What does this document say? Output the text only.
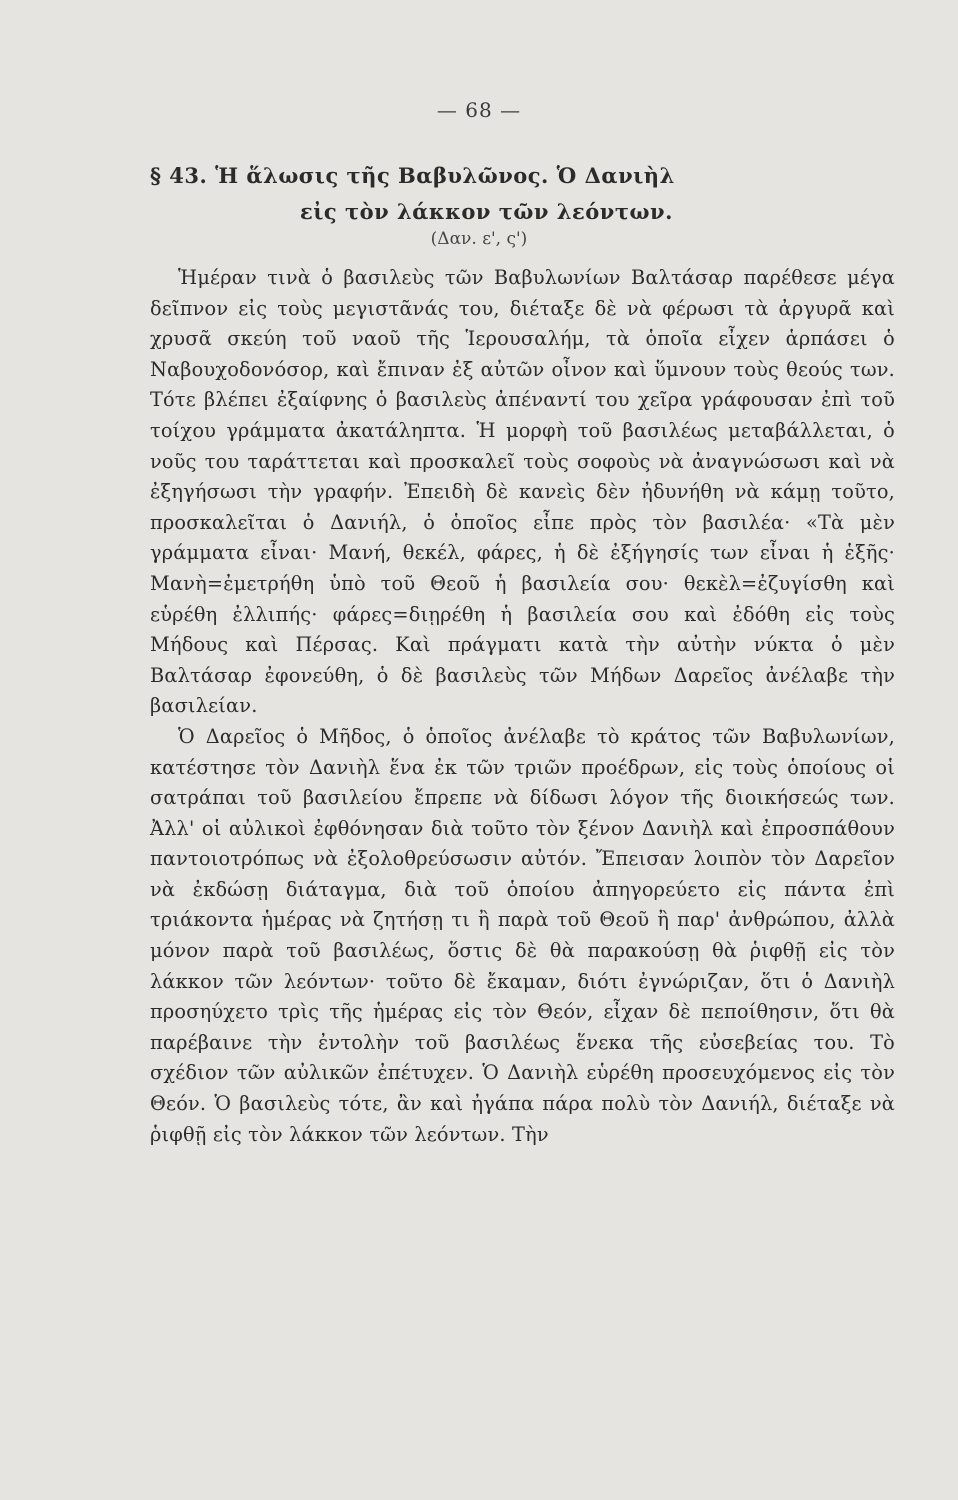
— 68 —
§ 43. Ἡ ἅλωσις τῆς Βαβυλῶνος. Ὁ Δανιὴλ
εἰς τὸν λάκκον τῶν λεόντων.
(Δαν. ε', ς')

Ἡμέραν τινὰ ὁ βασιλεὺς τῶν Βαβυλωνίων Βαλτάσαρ παρέθεσε μέγα δεῖπνον εἰς τοὺς μεγιστᾶνάς του, διέταξε δὲ νὰ φέρωσι τὰ ἀργυρᾶ καὶ χρυσᾶ σκεύη τοῦ ναοῦ τῆς Ἱερουσαλήμ, τὰ ὁποῖα εἶχεν ἁρπάσει ὁ Ναβουχοδονόσορ, καὶ ἔπιναν ἐξ αὐτῶν οἶνον καὶ ὕμνουν τοὺς θεούς των. Τότε βλέπει ἐξαίφνης ὁ βασιλεὺς ἀπέναντί του χεῖρα γράφουσαν ἐπὶ τοῦ τοίχου γράμματα ἀκατάληπτα. Ἡ μορφὴ τοῦ βασιλέως μεταβάλλεται, ὁ νοῦς του ταράττεται καὶ προσκαλεῖ τοὺς σοφοὺς νὰ ἀναγνώσωσι καὶ νὰ ἐξηγήσωσι τὴν γραφήν. Ἐπειδὴ δὲ κανεὶς δὲν ἠδυνήθη νὰ κάμῃ τοῦτο, προσκαλεῖται ὁ Δανιήλ, ὁ ὁποῖος εἶπε πρὸς τὸν βασιλέα· «Τὰ μὲν γράμματα εἶναι· Μανή, θεκέλ, φάρες, ἡ δὲ ἐξήγησίς των εἶναι ἡ ἑξῆς· Μανὴ=ἐμετρήθη ὑπὸ τοῦ Θεοῦ ἡ βασιλεία σου· θεκὲλ=ἐζυγίσθη καὶ εὑρέθη ἐλλιπής· φάρες=διῃρέθη ἡ βασιλεία σου καὶ ἐδόθη εἰς τοὺς Μήδους καὶ Πέρσας. Καὶ πράγματι κατὰ τὴν αὐτὴν νύκτα ὁ μὲν Βαλτάσαρ ἐφονεύθη, ὁ δὲ βασιλεὺς τῶν Μήδων Δαρεῖος ἀνέλαβε τὴν βασιλείαν.

Ὁ Δαρεῖος ὁ Μῆδος, ὁ ὁποῖος ἀνέλαβε τὸ κράτος τῶν Βαβυλωνίων, κατέστησε τὸν Δανιὴλ ἕνα ἐκ τῶν τριῶν προέδρων, εἰς τοὺς ὁποίους οἱ σατράπαι τοῦ βασιλείου ἔπρεπε νὰ δίδωσι λόγον τῆς διοικήσεώς των. Ἀλλ' οἱ αὐλικοὶ ἐφθόνησαν διὰ τοῦτο τὸν ξένον Δανιὴλ καὶ ἐπροσπάθουν παντοιοτρόπως νὰ ἐξολοθρεύσωσιν αὐτόν. Ἔπεισαν λοιπὸν τὸν Δαρεῖον νὰ ἐκδώσῃ διάταγμα, διὰ τοῦ ὁποίου ἀπηγορεύετο εἰς πάντα ἐπὶ τριάκοντα ἡμέρας νὰ ζητήσῃ τι ἢ παρὰ τοῦ Θεοῦ ἢ παρ' ἀνθρώπου, ἀλλὰ μόνον παρὰ τοῦ βασιλέως, ὅστις δὲ θὰ παρακούσῃ θὰ ῥιφθῇ εἰς τὸν λάκκον τῶν λεόντων· τοῦτο δὲ ἔκαμαν, διότι ἐγνώριζαν, ὅτι ὁ Δανιὴλ προσηύχετο τρὶς τῆς ἡμέρας εἰς τὸν Θεόν, εἶχαν δὲ πεποίθησιν, ὅτι θὰ παρέβαινε τὴν ἐντολὴν τοῦ βασιλέως ἕνεκα τῆς εὐσεβείας του. Τὸ σχέδιον τῶν αὐλικῶν ἐπέτυχεν. Ὁ Δανιὴλ εὑρέθη προσευχόμενος εἰς τὸν Θεόν. Ὁ βασιλεὺς τότε, ἂν καὶ ἠγάπα πάρα πολὺ τὸν Δανιήλ, διέταξε νὰ ῥιφθῇ εἰς τὸν λάκκον τῶν λεόντων. Τὴν
